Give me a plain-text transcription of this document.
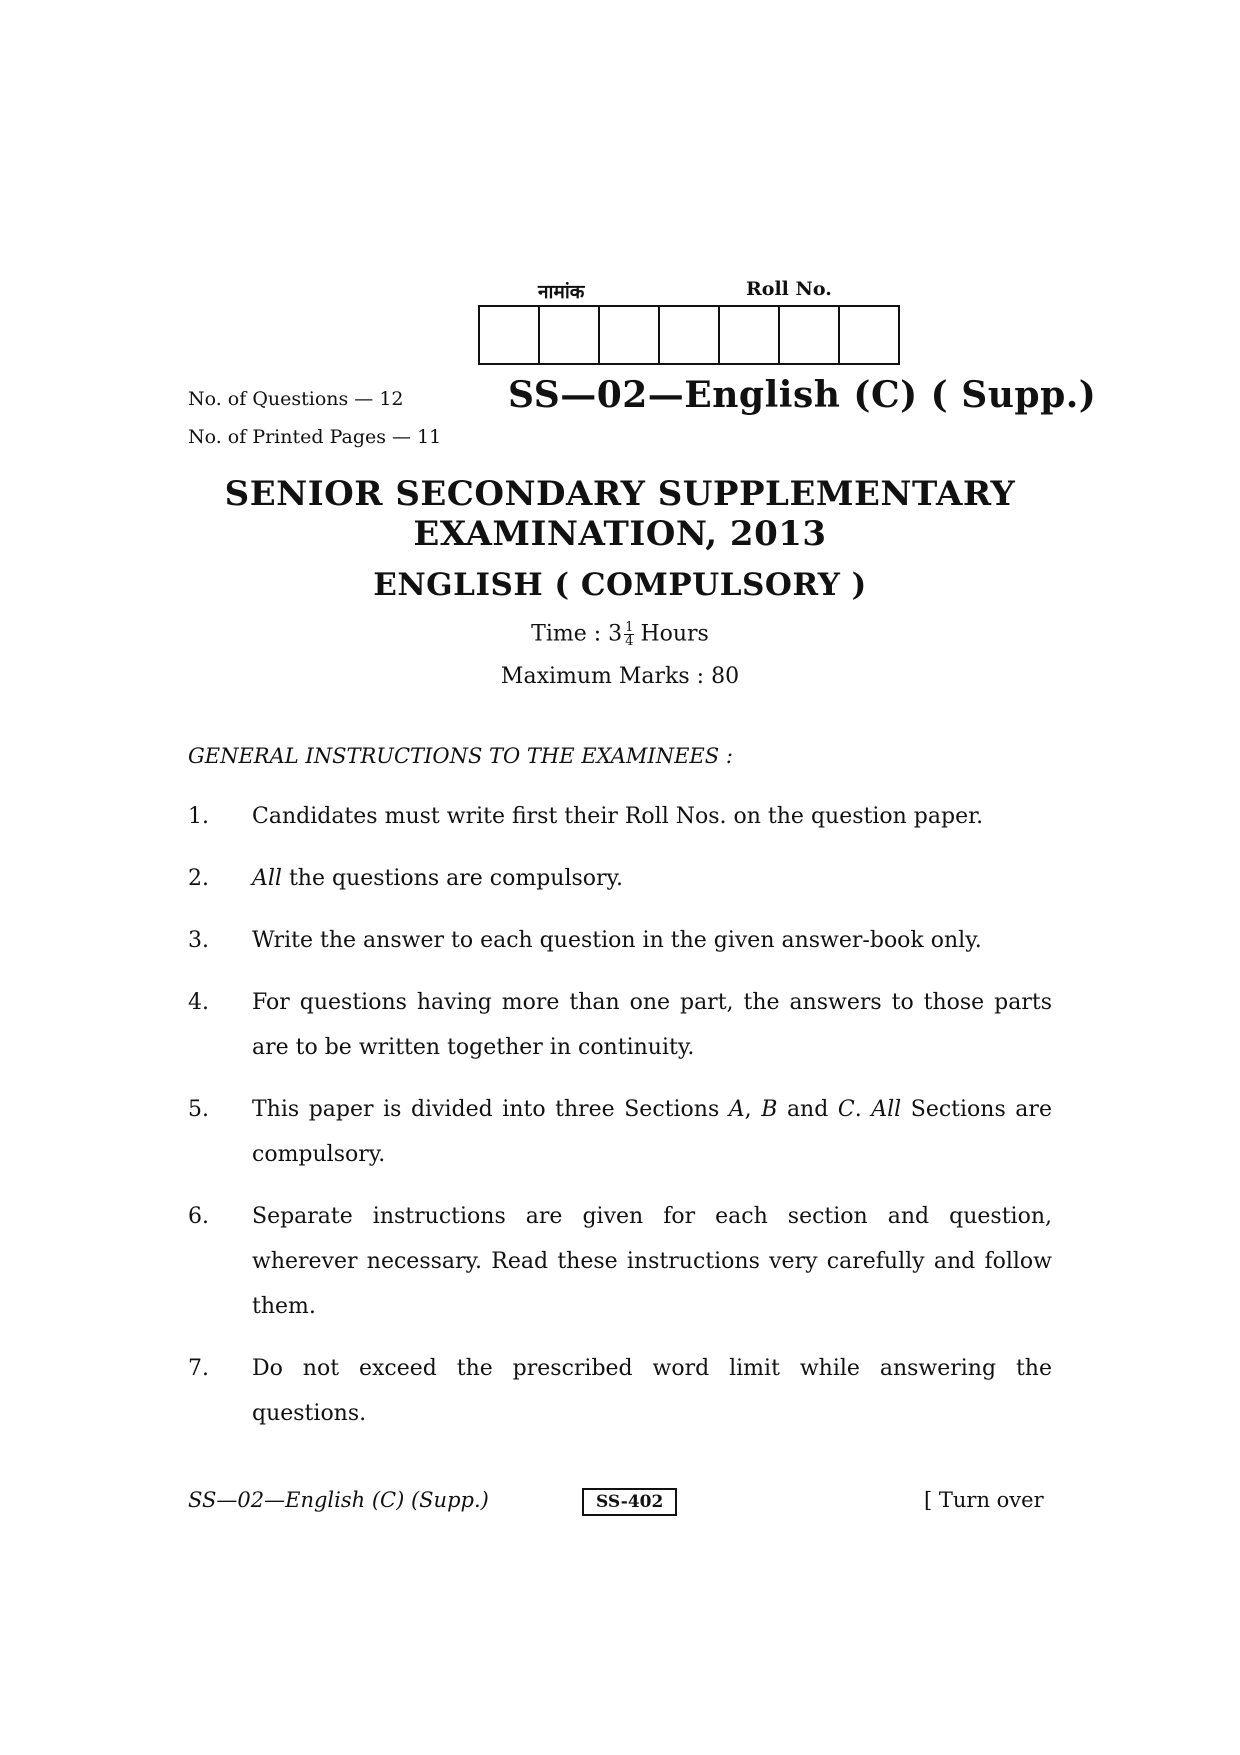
नामांक	Roll No.
No. of Questions — 12	SS—02—English (C) ( Supp.)
No. of Printed Pages — 11
SENIOR SECONDARY SUPPLEMENTARY
EXAMINATION, 2013
ENGLISH ( COMPULSORY )
Time : $3 \frac{1}{4}$ Hours
Maximum Marks : 80
GENERAL INSTRUCTIONS TO THE EXAMINEES :
1. Candidates must write first their Roll Nos. on the question paper.
2. All the questions are compulsory.
3. Write the answer to each question in the given answer-book only.
4. For questions having more than one part, the answers to those parts are to be written together in continuity.
5. This paper is divided into three Sections A, B and C. All Sections are compulsory.
6. Separate instructions are given for each section and question, wherever necessary. Read these instructions very carefully and follow them.
7. Do not exceed the prescribed word limit while answering the questions.
SS—02—English (C) (Supp.)	SS-402	[ Turn over
